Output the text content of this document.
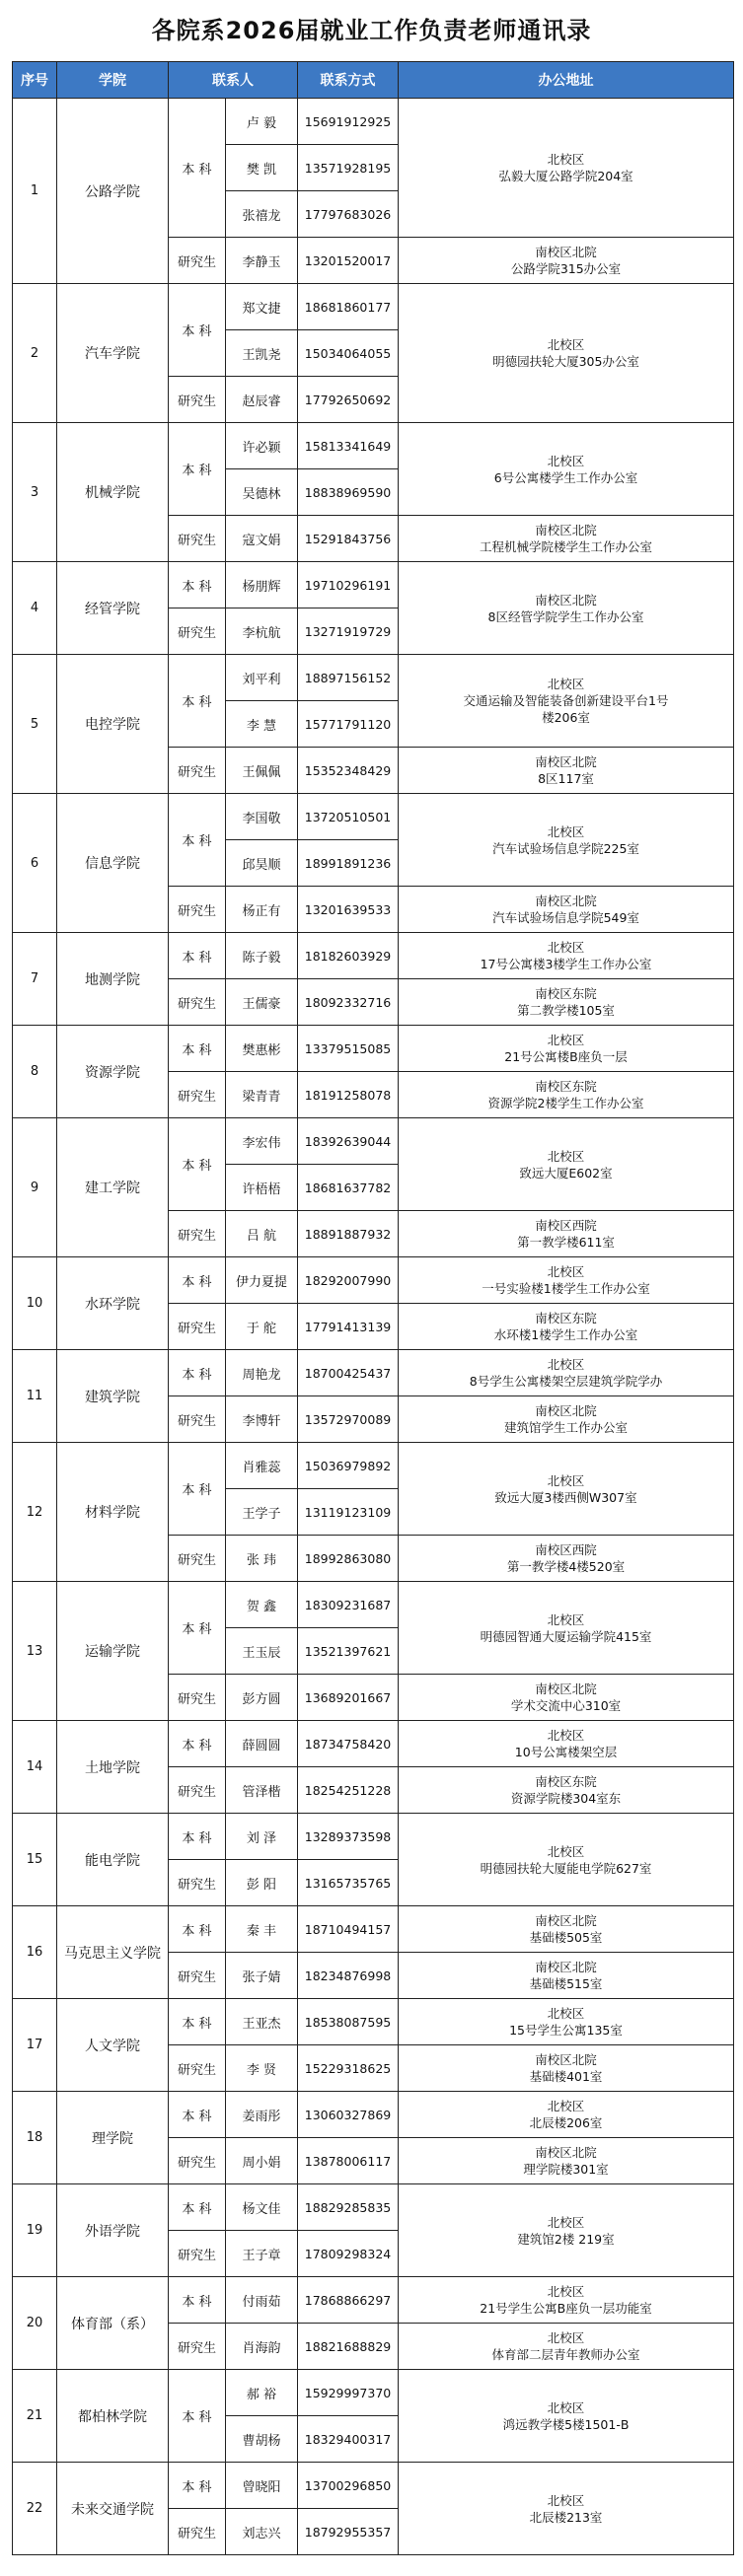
各院系2026届就业工作负责老师通讯录
序号	学院	联系人		联系方式	办公地址
1	公路学院	本 科	卢 毅	15691912925	北校区
弘毅大厦公路学院204室

			樊 凯	13571928195	
			张禧龙	17797683026	
		研究生	李静玉	13201520017	南校区北院
公路学院315办公室

2	汽车学院	本 科	郑文捷	18681860177	北校区
明德园扶轮大厦305办公室

			王凯尧	15034064055	
		研究生	赵辰睿	17792650692	
3	机械学院	本 科	许必颖	15813341649	北校区
6号公寓楼学生工作办公室

			吴德林	18838969590	
		研究生	寇文娟	15291843756	南校区北院
工程机械学院楼学生工作办公室

4	经管学院	本 科	杨朋辉	19710296191	南校区北院
8区经管学院学生工作办公室

		研究生	李杭航	13271919729	
5	电控学院	本 科	刘平利	18897156152	北校区
交通运输及智能装备创新建设平台1号
楼206室

			李 慧	15771791120	
		研究生	王佩佩	15352348429	南校区北院
8区117室

6	信息学院	本 科	李国敬	13720510501	北校区
汽车试验场信息学院225室

			邱昊顺	18991891236	
		研究生	杨正有	13201639533	南校区北院
汽车试验场信息学院549室

7	地测学院	本 科	陈子毅	18182603929	北校区
17号公寓楼3楼学生工作办公室

		研究生	王儒豪	18092332716	南校区东院
第二教学楼105室

8	资源学院	本 科	樊惠彬	13379515085	北校区
21号公寓楼B座负一层

		研究生	梁青青	18191258078	南校区东院
资源学院2楼学生工作办公室

9	建工学院	本 科	李宏伟	18392639044	北校区
致远大厦E602室

			许梧梧	18681637782	
		研究生	吕 航	18891887932	南校区西院
第一教学楼611室

10	水环学院	本 科	伊力夏提	18292007990	北校区
一号实验楼1楼学生工作办公室

		研究生	于 舵	17791413139	南校区东院
水环楼1楼学生工作办公室

11	建筑学院	本 科	周艳龙	18700425437	北校区
8号学生公寓楼架空层建筑学院学办

		研究生	李博轩	13572970089	南校区北院
建筑馆学生工作办公室

12	材料学院	本 科	肖雅蕊	15036979892	北校区
致远大厦3楼西侧W307室

			王学子	13119123109	
		研究生	张 玮	18992863080	南校区西院
第一教学楼4楼520室

13	运输学院	本 科	贺 鑫	18309231687	北校区
明德园智通大厦运输学院415室

			王玉辰	13521397621	
		研究生	彭方圆	13689201667	南校区北院
学术交流中心310室

14	土地学院	本 科	薛圆圆	18734758420	北校区
10号公寓楼架空层

		研究生	管泽楷	18254251228	南校区东院
资源学院楼304室东

15	能电学院	本 科	刘 泽	13289373598	北校区
明德园扶轮大厦能电学院627室

		研究生	彭 阳	13165735765	
16	马克思主义学院	本 科	秦 丰	18710494157	南校区北院
基础楼505室

		研究生	张子婧	18234876998	南校区北院
基础楼515室

17	人文学院	本 科	王亚杰	18538087595	北校区
15号学生公寓135室

		研究生	李 贤	15229318625	南校区北院
基础楼401室

18	理学院	本 科	姜雨彤	13060327869	北校区
北辰楼206室

		研究生	周小娟	13878006117	南校区北院
理学院楼301室

19	外语学院	本 科	杨文佳	18829285835	北校区
建筑馆2楼 219室

		研究生	王子章	17809298324	
20	体育部（系）	本 科	付雨茹	17868866297	北校区
21号学生公寓B座负一层功能室

		研究生	肖海韵	18821688829	北校区
体育部二层青年教师办公室

21	都柏林学院	本 科	郝 裕	15929997370	北校区
鸿远教学楼5楼1501-B

			曹胡杨	18329400317	
22	未来交通学院	本 科	曾晓阳	13700296850	北校区
北辰楼213室

		研究生	刘志兴	18792955357	
